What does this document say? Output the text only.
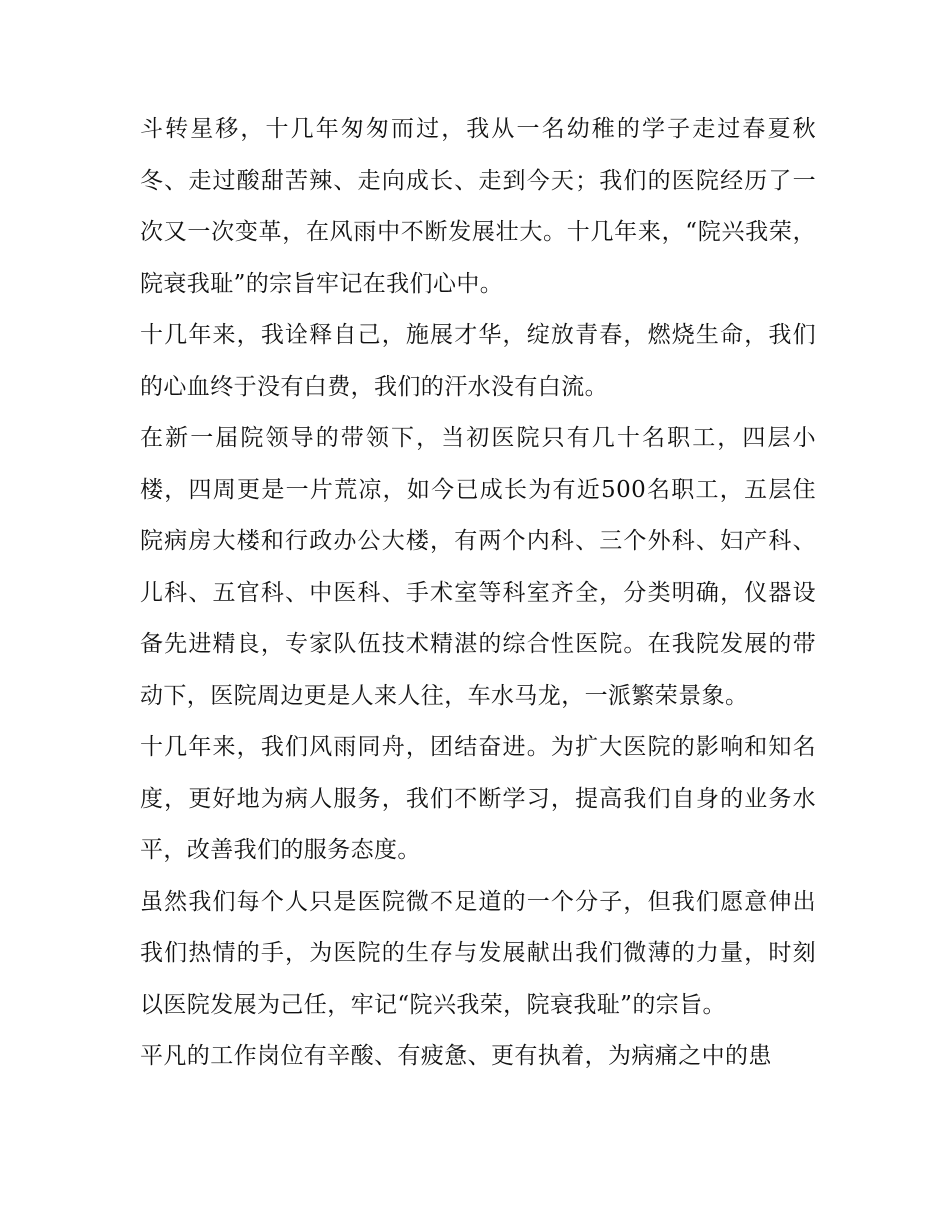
斗转星移，十几年匆匆而过，我从一名幼稚的学子走过春夏秋冬、走过酸甜苦辣、走向成长、走到今天；我们的医院经历了一次又一次变革，在风雨中不断发展壮大。十几年来，“院兴我荣，院衰我耻”的宗旨牢记在我们心中。

十几年来，我诠释自己，施展才华，绽放青春，燃烧生命，我们的心血终于没有白费，我们的汗水没有白流。

在新一届院领导的带领下，当初医院只有几十名职工，四层小楼，四周更是一片荒凉，如今已成长为有近500名职工，五层住院病房大楼和行政办公大楼，有两个内科、三个外科、妇产科、儿科、五官科、中医科、手术室等科室齐全，分类明确，仪器设备先进精良，专家队伍技术精湛的综合性医院。在我院发展的带动下，医院周边更是人来人往，车水马龙，一派繁荣景象。

十几年来，我们风雨同舟，团结奋进。为扩大医院的影响和知名度，更好地为病人服务，我们不断学习，提高我们自身的业务水平，改善我们的服务态度。

虽然我们每个人只是医院微不足道的一个分子，但我们愿意伸出我们热情的手，为医院的生存与发展献出我们微薄的力量，时刻以医院发展为己任，牢记“院兴我荣，院衰我耻”的宗旨。

平凡的工作岗位有辛酸、有疲惫、更有执着，为病痛之中的患
